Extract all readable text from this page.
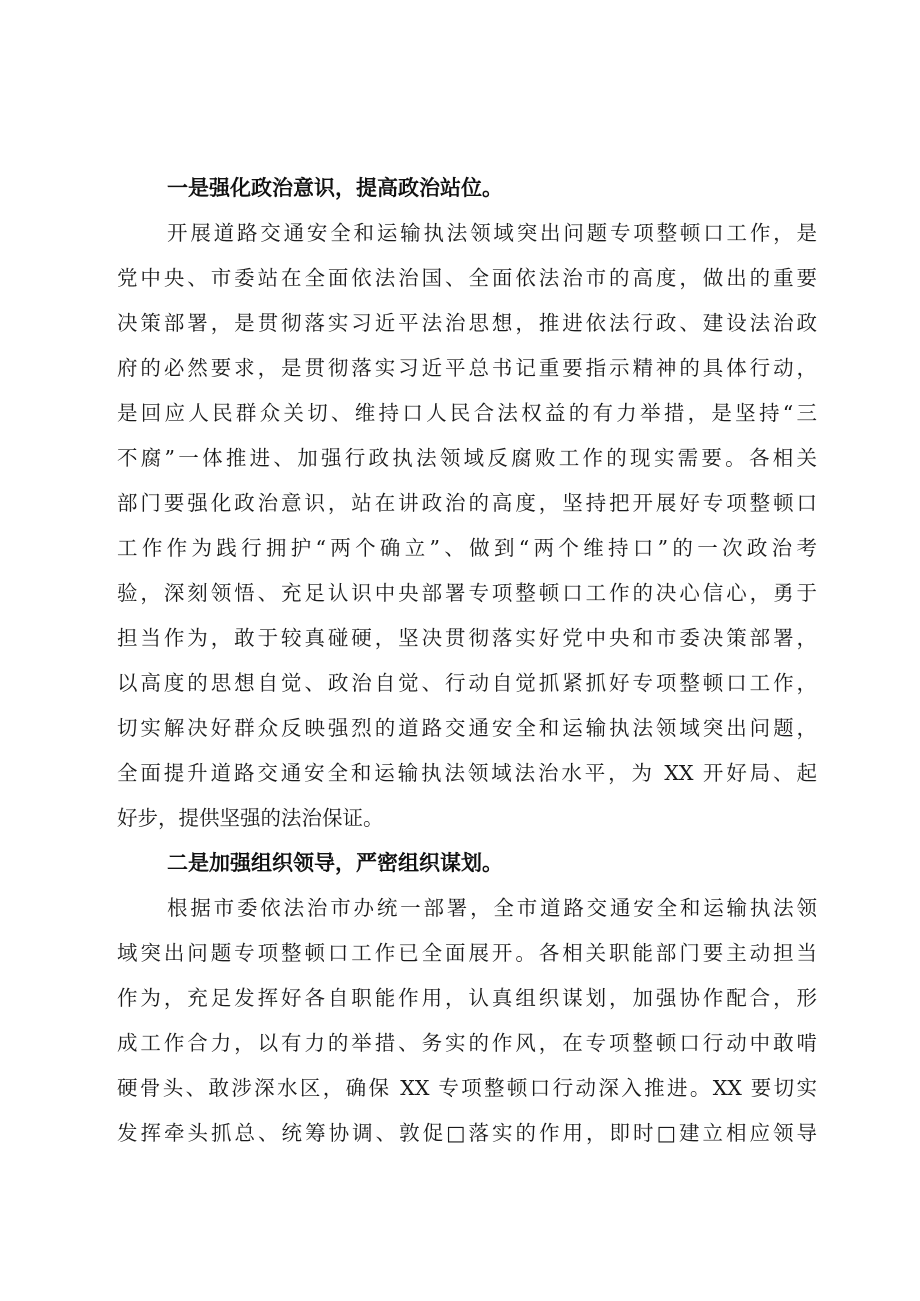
一是强化政治意识，提高政治站位。
开展道路交通安全和运输执法领域突出问题专项整顿口工作，是
党中央、市委站在全面依法治国、全面依法治市的高度，做出的重要
决策部署，是贯彻落实习近平法治思想，推进依法行政、建设法治政
府的必然要求，是贯彻落实习近平总书记重要指示精神的具体行动，
是回应人民群众关切、维持口人民合法权益的有力举措，是坚持“三
不腐”一体推进、加强行政执法领域反腐败工作的现实需要。各相关
部门要强化政治意识，站在讲政治的高度，坚持把开展好专项整顿口
工作作为践行拥护“两个确立”、做到“两个维持口”的一次政治考
验，深刻领悟、充足认识中央部署专项整顿口工作的决心信心，勇于
担当作为，敢于较真碰硬，坚决贯彻落实好党中央和市委决策部署，
以高度的思想自觉、政治自觉、行动自觉抓紧抓好专项整顿口工作，
切实解决好群众反映强烈的道路交通安全和运输执法领域突出问题，
全面提升道路交通安全和运输执法领域法治水平，为 XX 开好局、起
好步，提供坚强的法治保证。
二是加强组织领导，严密组织谋划。
根据市委依法治市办统一部署，全市道路交通安全和运输执法领
域突出问题专项整顿口工作已全面展开。各相关职能部门要主动担当
作为，充足发挥好各自职能作用，认真组织谋划，加强协作配合，形
成工作合力，以有力的举措、务实的作风，在专项整顿口行动中敢啃
硬骨头、敢涉深水区，确保 XX 专项整顿口行动深入推进。XX 要切实
发挥牵头抓总、统筹协调、敦促□落实的作用，即时□建立相应领导
